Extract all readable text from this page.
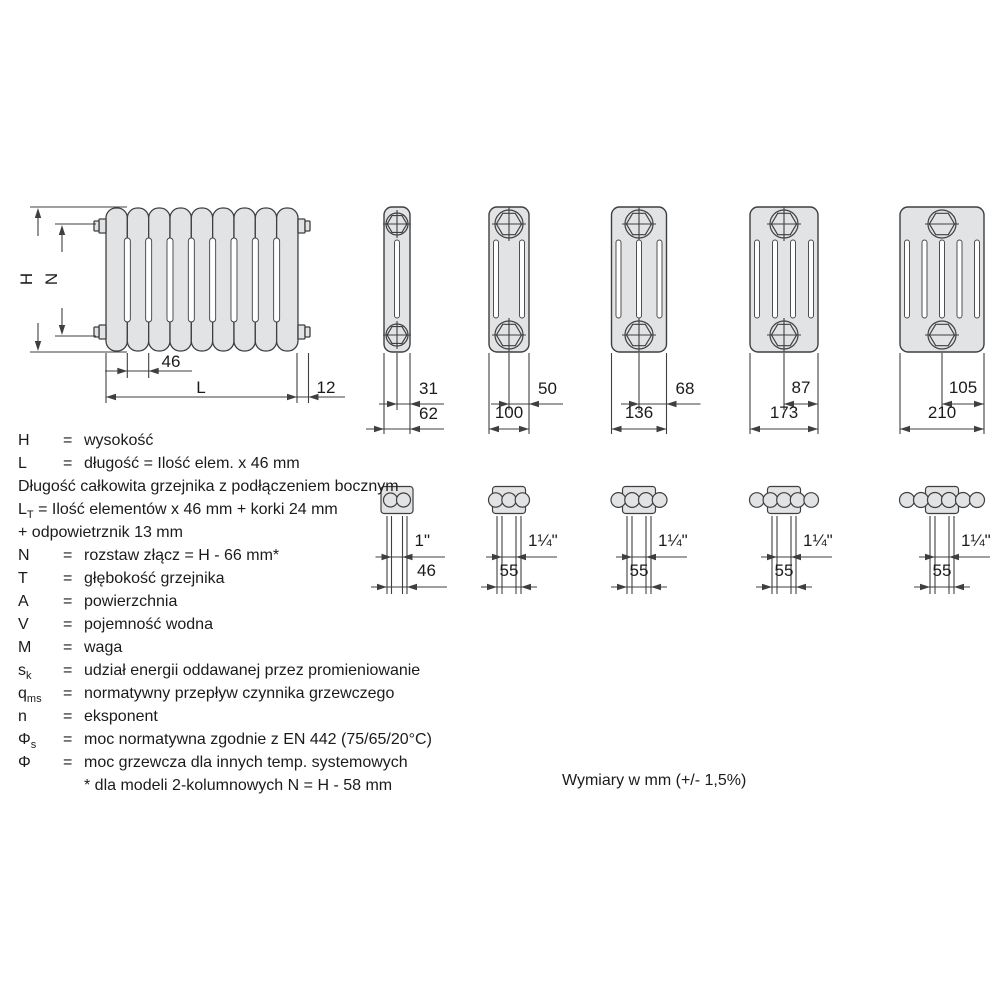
46
L	12
H N
31
62
1"
46
50
100
1¼"
55
68
136
1¼"
55
87
173
1¼"
55
105
210
1¼"
55
H = wysokość
L = długość = Ilość elem. x 46 mm
Długość całkowita grzejnika z podłączeniem bocznym
$L_T$ = Ilość elementów x 46 mm + korki 24 mm
+ odpowietrznik 13 mm
N = rozstaw złącz = H - 66 mm*
T = głębokość grzejnika
A = powierzchnia
V = pojemność wodna
M = waga
$s_k$ = udział energii oddawanej przez promieniowanie
$q_{ms}$ = normatywny przepływ czynnika grzewczego
n = eksponent
$\Phi_s$ = moc normatywna zgodnie z EN 442 (75/65/20°C)
Φ = moc grzewcza dla innych temp. systemowych
* dla modeli 2-kolumnowych N = H - 58 mm	Wymiary w mm (+/- 1,5%)
